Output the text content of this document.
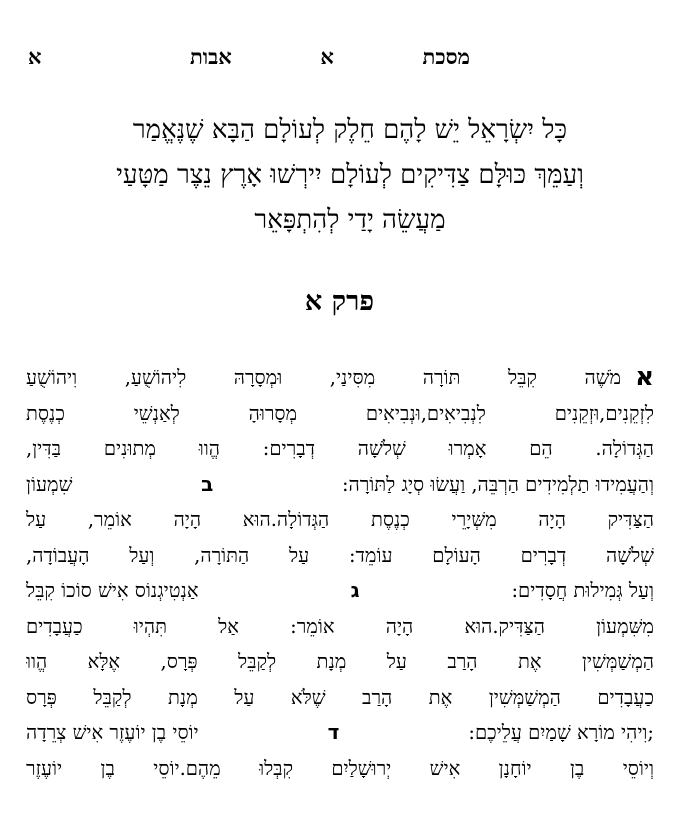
מסכת
א
אבות
א
כָּל יִשְׂרָאֵל יֵשׁ לָהֶם חֵלֶק לְעוֹלָם הַבָּא שֶׁנֶּאֱמַר
וְעַמֵּךְ כּוּלָּם צַדִּיקִים לְעוֹלָם יִירְשׁוּ אָרֶץ נֵצֶר מַטָּעַי
מַעֲשֵׂה יָדַי לְהִתְפָּאֵר
פרק א
א
מֹשֶׁה קִבֵּל תּוֹרָה מִסִּינַי, וּמְסָרָהּ לִיהוֹשֻׁעַ, וִיהוֹשֻׁעַ
לִזְקֵנִים,וּזְקֵנִים לִנְבִיאִים,וּנְבִיאִים מְסָרוּהָ לְאַנְשֵׁי כְנֶסֶת
הַגְּדוֹלָה. הֵם אָמְרוּ שְׁלֹשָׁה דְבָרִים: הֱווּ מְתוּנִים בַּדִּין,
וְהַעֲמִידוּ תַלְמִידִים הַרְבֵּה, וַעֲשׂוּ סְיָג לַתּוֹרָה:
ב
שִׁמְעוֹן
הַצַּדִּיק הָיָה מִשְּׁיָרֵי כְנֶסֶת הַגְּדוֹלָה.הוּא הָיָה אוֹמֵר, עַל
שְׁלֹשָׁה דְבָרִים הָעוֹלָם עוֹמֵד: עַל הַתּוֹרָה, וְעַל הָעֲבוֹדָה,
וְעַל גְּמִילוּת חֲסָדִים:
ג
אַנְטִיגְנוֹס אִישׁ סוֹכוֹ קִבֵּל
מִשִּׁמְעוֹן הַצַּדִּיק.הוּא הָיָה אוֹמֵר: אַל תִּהְיוּ כַעֲבָדִים
הַמְשַׁמְּשִׁין אֶת הָרַב עַל מְנָת לְקַבֵּל פְּרָס, אֶלָּא הֱווּ
כַעֲבָדִים הַמְשַׁמְּשִׁין אֶת הָרַב שֶׁלֹּא עַל מְנָת לְקַבֵּל פְּרָס
;וִיהִי מוֹרָא שָׁמַיִם עֲלֵיכֶם:
ד
יוֹסֵי בֶן יוֹעֶזֶר אִישׁ צְרֵדָה
וְיוֹסֵי בֶן יוֹחָנָן אִישׁ יְרוּשָׁלַיִם קִבְּלוּ מֵהֶם.יוֹסֵי בֶן יוֹעֶזֶר
